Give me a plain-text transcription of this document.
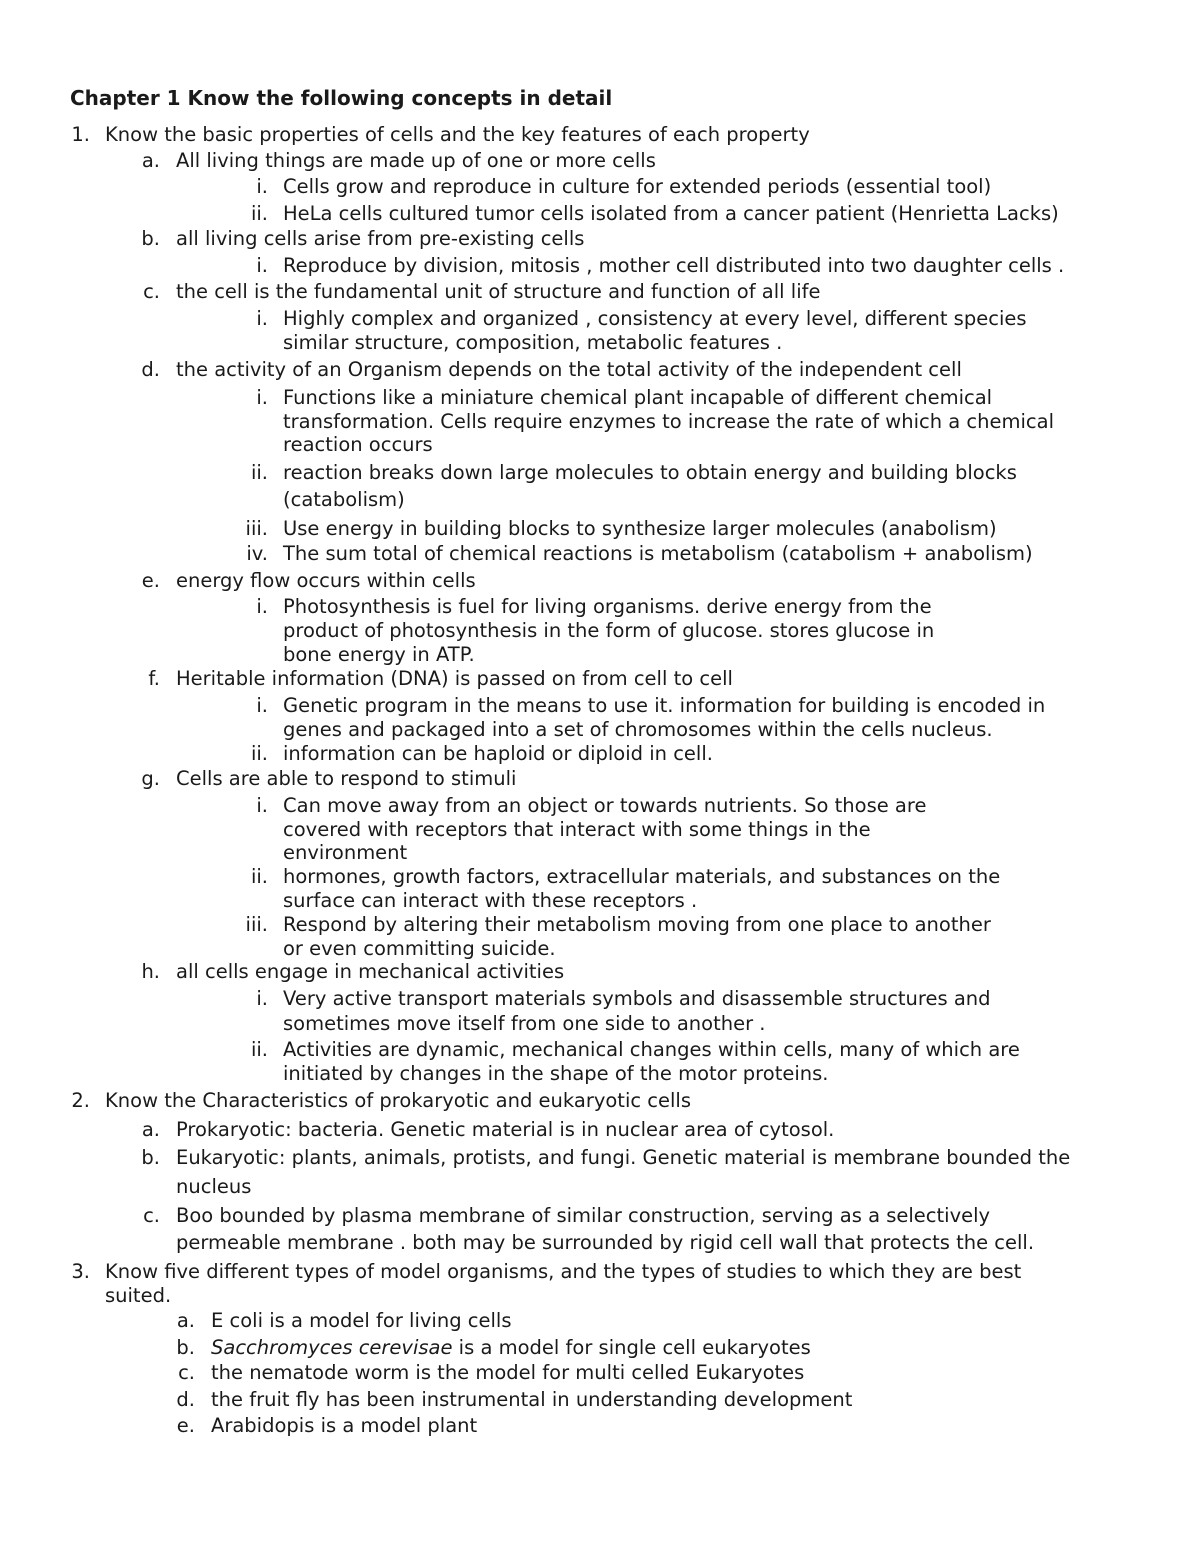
Chapter 1 Know the following concepts in detail
1. Know the basic properties of cells and the key features of each property
a. All living things are made up of one or more cells
i. Cells grow and reproduce in culture for extended periods (essential tool)
ii. HeLa cells cultured tumor cells isolated from a cancer patient (Henrietta Lacks)
b. all living cells arise from pre-existing cells
i. Reproduce by division, mitosis , mother cell distributed into two daughter cells .
c. the cell is the fundamental unit of structure and function of all life
i. Highly complex and organized , consistency at every level, different species
similar structure, composition, metabolic features .
d. the activity of an Organism depends on the total activity of the independent cell
i. Functions like a miniature chemical plant incapable of different chemical
transformation. Cells require enzymes to increase the rate of which a chemical
reaction occurs
ii. reaction breaks down large molecules to obtain energy and building blocks
(catabolism)
iii. Use energy in building blocks to synthesize larger molecules (anabolism)
iv. The sum total of chemical reactions is metabolism (catabolism + anabolism)
e. energy flow occurs within cells
i. Photosynthesis is fuel for living organisms. derive energy from the
product of photosynthesis in the form of glucose. stores glucose in
bone energy in ATP.
f. Heritable information (DNA) is passed on from cell to cell
i. Genetic program in the means to use it. information for building is encoded in
genes and packaged into a set of chromosomes within the cells nucleus.
ii. information can be haploid or diploid in cell.
g. Cells are able to respond to stimuli
i. Can move away from an object or towards nutrients. So those are
covered with receptors that interact with some things in the
environment
ii. hormones, growth factors, extracellular materials, and substances on the
surface can interact with these receptors .
iii. Respond by altering their metabolism moving from one place to another
or even committing suicide.
h. all cells engage in mechanical activities
i. Very active transport materials symbols and disassemble structures and
sometimes move itself from one side to another .
ii. Activities are dynamic, mechanical changes within cells, many of which are
initiated by changes in the shape of the motor proteins.
2. Know the Characteristics of prokaryotic and eukaryotic cells
a. Prokaryotic: bacteria. Genetic material is in nuclear area of cytosol.
b. Eukaryotic: plants, animals, protists, and fungi. Genetic material is membrane bounded the
nucleus
c. Boo bounded by plasma membrane of similar construction, serving as a selectively
permeable membrane . both may be surrounded by rigid cell wall that protects the cell.
3. Know five different types of model organisms, and the types of studies to which they are best
suited.
a. E coli is a model for living cells
b. Sacchromyces cerevisae is a model for single cell eukaryotes
c. the nematode worm is the model for multi celled Eukaryotes
d. the fruit fly has been instrumental in understanding development
e. Arabidopis is a model plant
